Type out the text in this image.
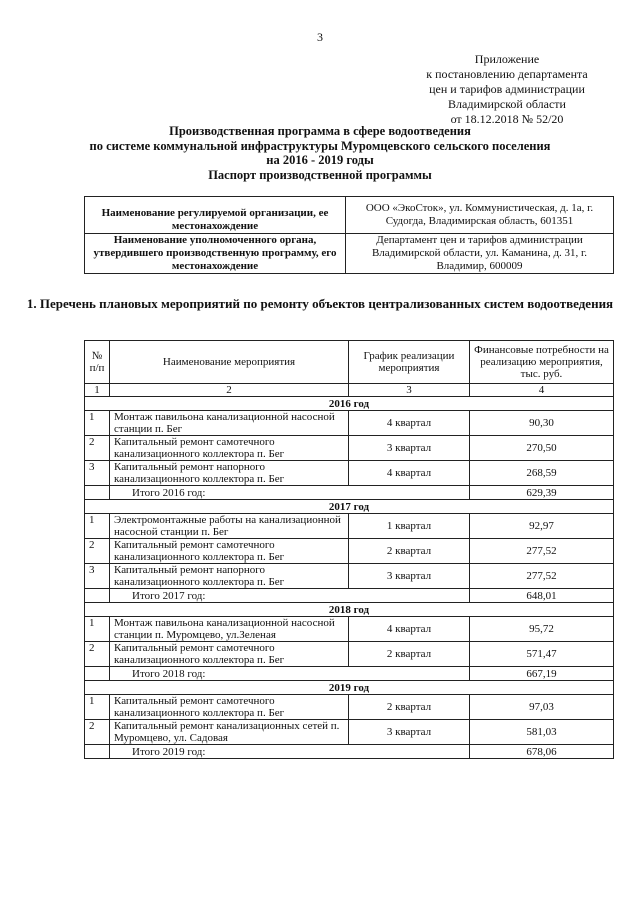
3
Приложение
к постановлению департамента
цен и тарифов администрации
Владимирской области
от 18.12.2018 № 52/20
Производственная программа в сфере водоотведения
по системе коммунальной инфраструктуры Муромцевского сельского поселения
на 2016 - 2019 годы
Паспорт производственной программы
Наименование регулируемой организации, ее местонахождение	ООО «ЭкоСток», ул. Коммунистическая, д. 1а, г. Судогда, Владимирская область, 601351
Наименование уполномоченного органа, утвердившего производственную программу, его местонахождение	Департамент цен и тарифов администрации Владимирской области, ул. Каманина, д. 31, г. Владимир, 600009
1. Перечень плановых мероприятий по ремонту объектов централизованных систем водоотведения
№ п/п	Наименование мероприятия	График реализации мероприятия	Финансовые потребности на реализацию мероприятия, тыс. руб.
1	2	3	4
2016 год			
1	Монтаж павильона канализационной насосной станции п. Бег	4 квартал	90,30
2	Капитальный ремонт самотечного канализационного коллектора п. Бег	3 квартал	270,50
3	Капитальный ремонт напорного канализационного коллектора п. Бег	4 квартал	268,59
	Итого 2016 год:		629,39
2017 год			
1	Электромонтажные работы на канализационной насосной станции п. Бег	1 квартал	92,97
2	Капитальный ремонт самотечного канализационного коллектора п. Бег	2 квартал	277,52
3	Капитальный ремонт напорного канализационного коллектора п. Бег	3 квартал	277,52
	Итого 2017 год:		648,01
2018 год			
1	Монтаж павильона канализационной насосной станции п. Муромцево, ул.Зеленая	4 квартал	95,72
2	Капитальный ремонт самотечного канализационного коллектора п. Бег	2 квартал	571,47
	Итого 2018 год:		667,19
2019 год			
1	Капитальный ремонт самотечного канализационного коллектора п. Бег	2 квартал	97,03
2	Капитальный ремонт канализационных сетей п. Муромцево, ул. Садовая	3 квартал	581,03
	Итого 2019 год:		678,06
